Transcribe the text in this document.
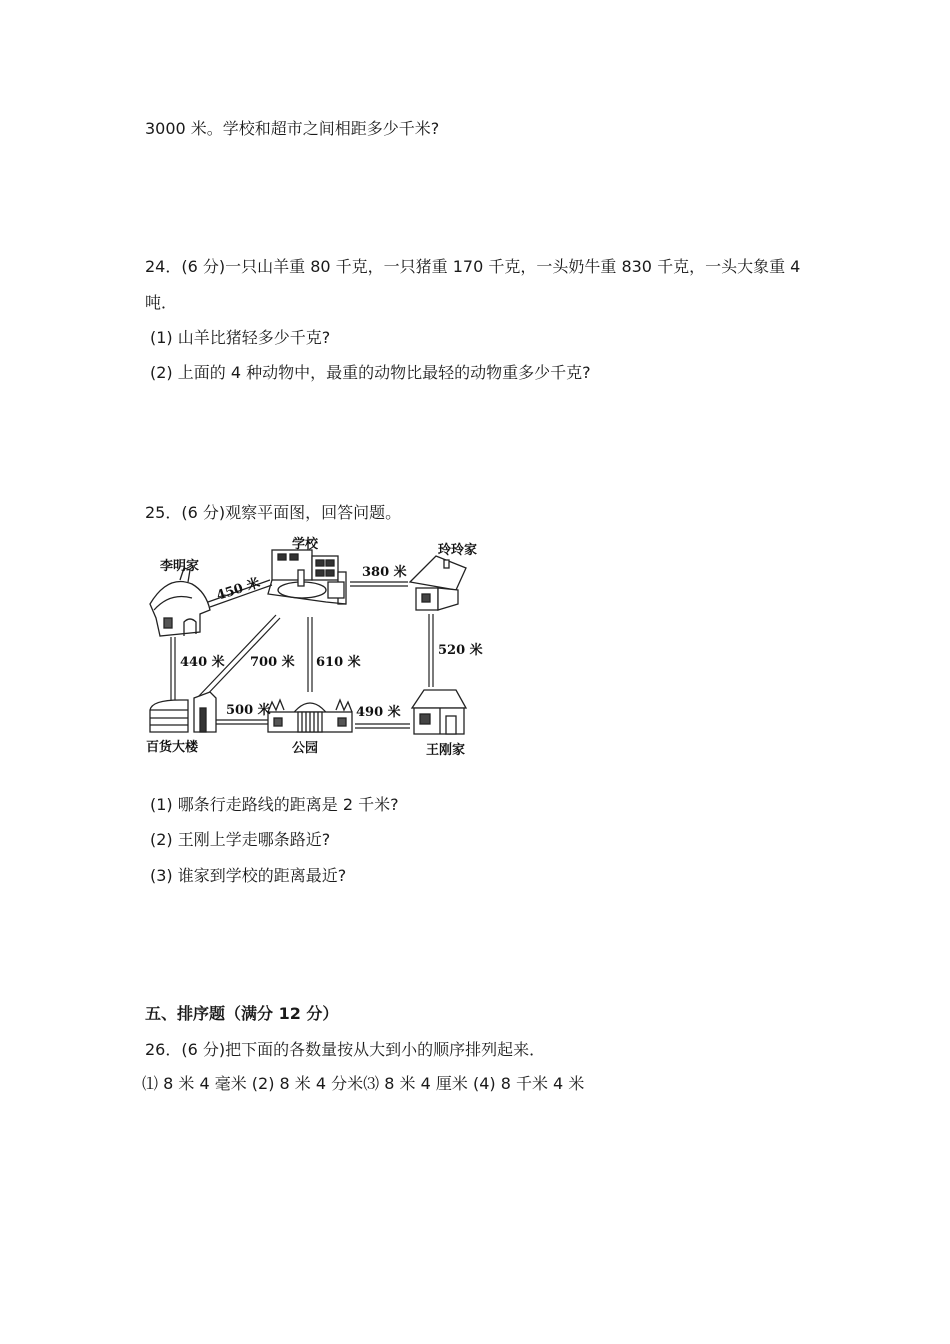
3000 米。学校和超市之间相距多少千米?
24．(6 分)一只山羊重 80 千克，一只猪重 170 千克，一头奶牛重 830 千克，一头大象重 4
吨．
(1) 山羊比猪轻多少千克?
(2) 上面的 4 种动物中，最重的动物比最轻的动物重多少千克?
25．(6 分)观察平面图，回答问题。
李明家
学校	玲玲家
百货大楼	公园	王刚家
450 米
380 米
440 米 700 米 610 米
520 米
500 米	490 米
(1) 哪条行走路线的距离是 2 千米?
(2) 王刚上学走哪条路近?
(3) 谁家到学校的距离最近?
五、排序题（满分 12 分）
26．(6 分)把下面的各数量按从大到小的顺序排列起来．
⑴ 8 米 4 毫米 (2) 8 米 4 分米⑶ 8 米 4 厘米 (4) 8 千米 4 米
